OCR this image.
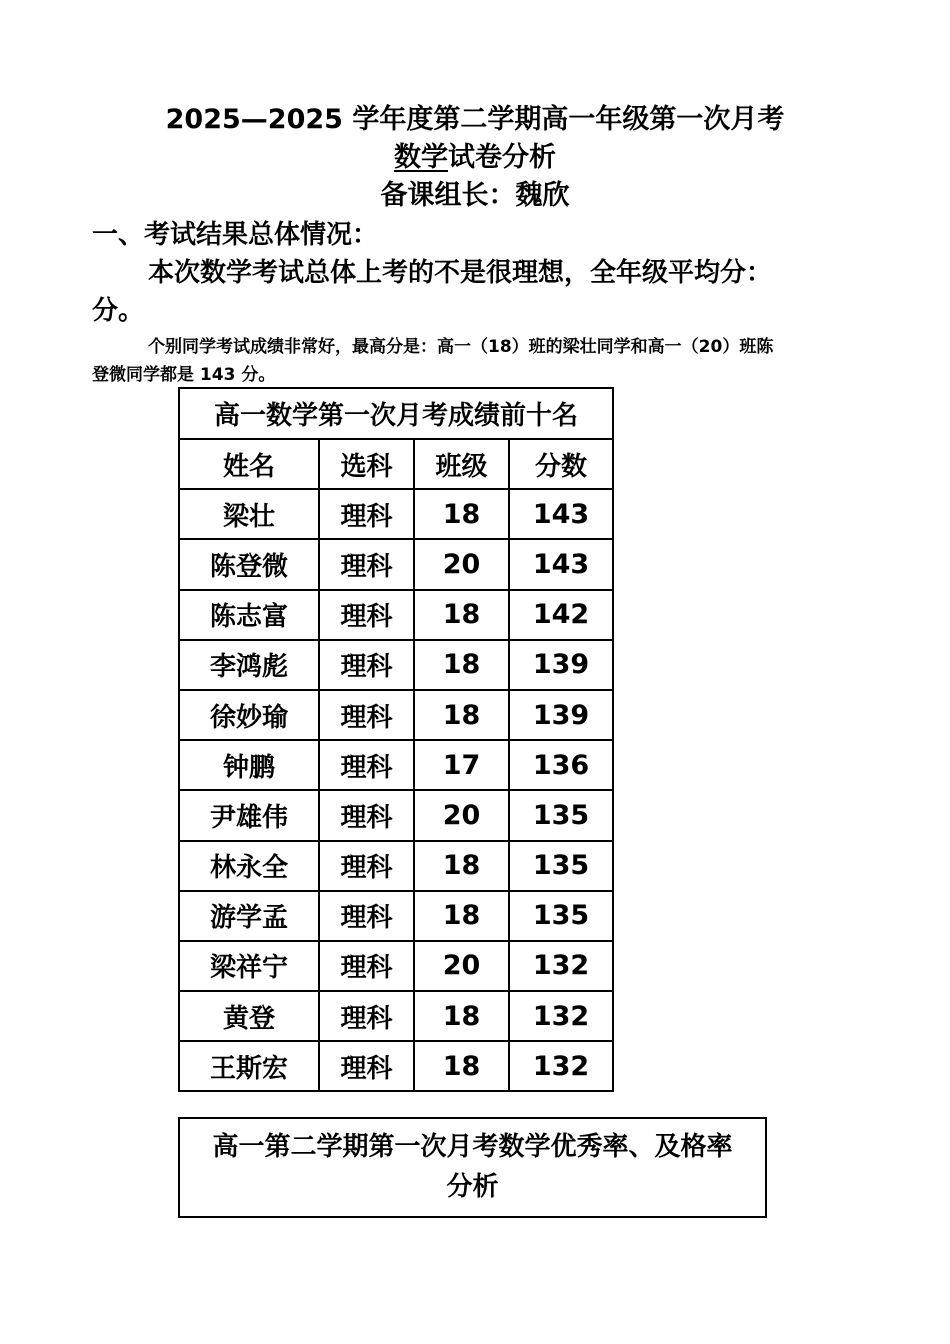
2025—2025 学年度第二学期高一年级第一次月考
数学试卷分析
备课组长：魏欣
一、考试结果总体情况：
本次数学考试总体上考的不是很理想，全年级平均分：
分。
个别同学考试成绩非常好，最高分是：高一（18）班的梁壮同学和高一（20）班陈
登微同学都是 143 分。
高一数学第一次月考成绩前十名			
姓名	选科	班级	分数
梁壮	理科	18	143
陈登微	理科	20	143
陈志富	理科	18	142
李鸿彪	理科	18	139
徐妙瑜	理科	18	139
钟鹏	理科	17	136
尹雄伟	理科	20	135
林永全	理科	18	135
游学孟	理科	18	135
梁祥宁	理科	20	132
黄登	理科	18	132
王斯宏	理科	18	132
高一第二学期第一次月考数学优秀率、及格率
分析
